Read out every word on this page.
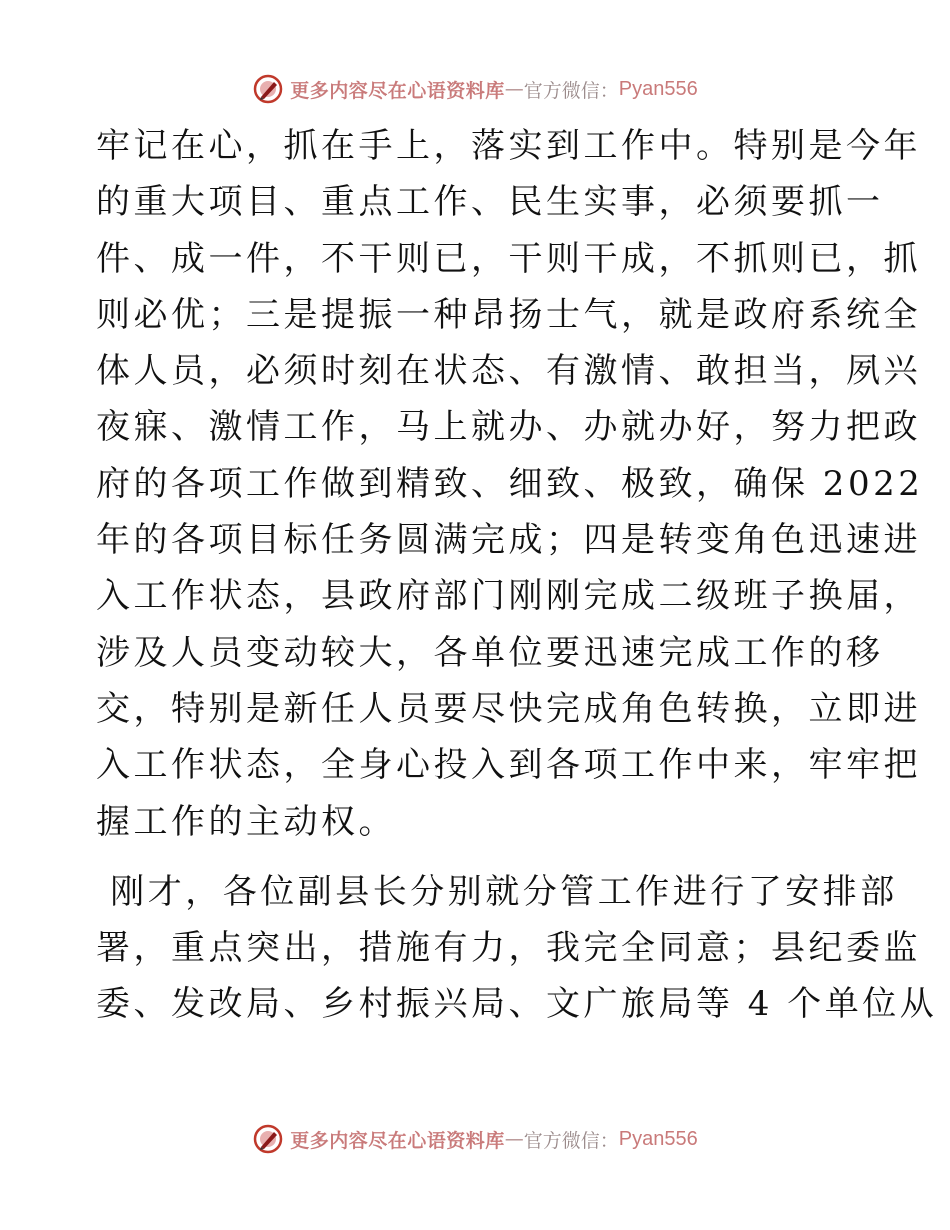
更多内容尽在心语资料库 — 官方微信： Pyan556
牢记在心，抓在手上，落实到工作中。特别是今年
的重大项目、重点工作、民生实事，必须要抓一
件、成一件，不干则已，干则干成，不抓则已，抓
则必优；三是提振一种昂扬士气，就是政府系统全
体人员，必须时刻在状态、有激情、敢担当，夙兴
夜寐、激情工作，马上就办、办就办好，努力把政
府的各项工作做到精致、细致、极致，确保 2022
年的各项目标任务圆满完成；四是转变角色迅速进
入工作状态，县政府部门刚刚完成二级班子换届，
涉及人员变动较大，各单位要迅速完成工作的移
交，特别是新任人员要尽快完成角色转换，立即进
入工作状态，全身心投入到各项工作中来，牢牢把
握工作的主动权。
刚才，各位副县长分别就分管工作进行了安排部
署，重点突出，措施有力，我完全同意；县纪委监
委、发改局、乡村振兴局、文广旅局等 4 个单位从
更多内容尽在心语资料库 — 官方微信： Pyan556
